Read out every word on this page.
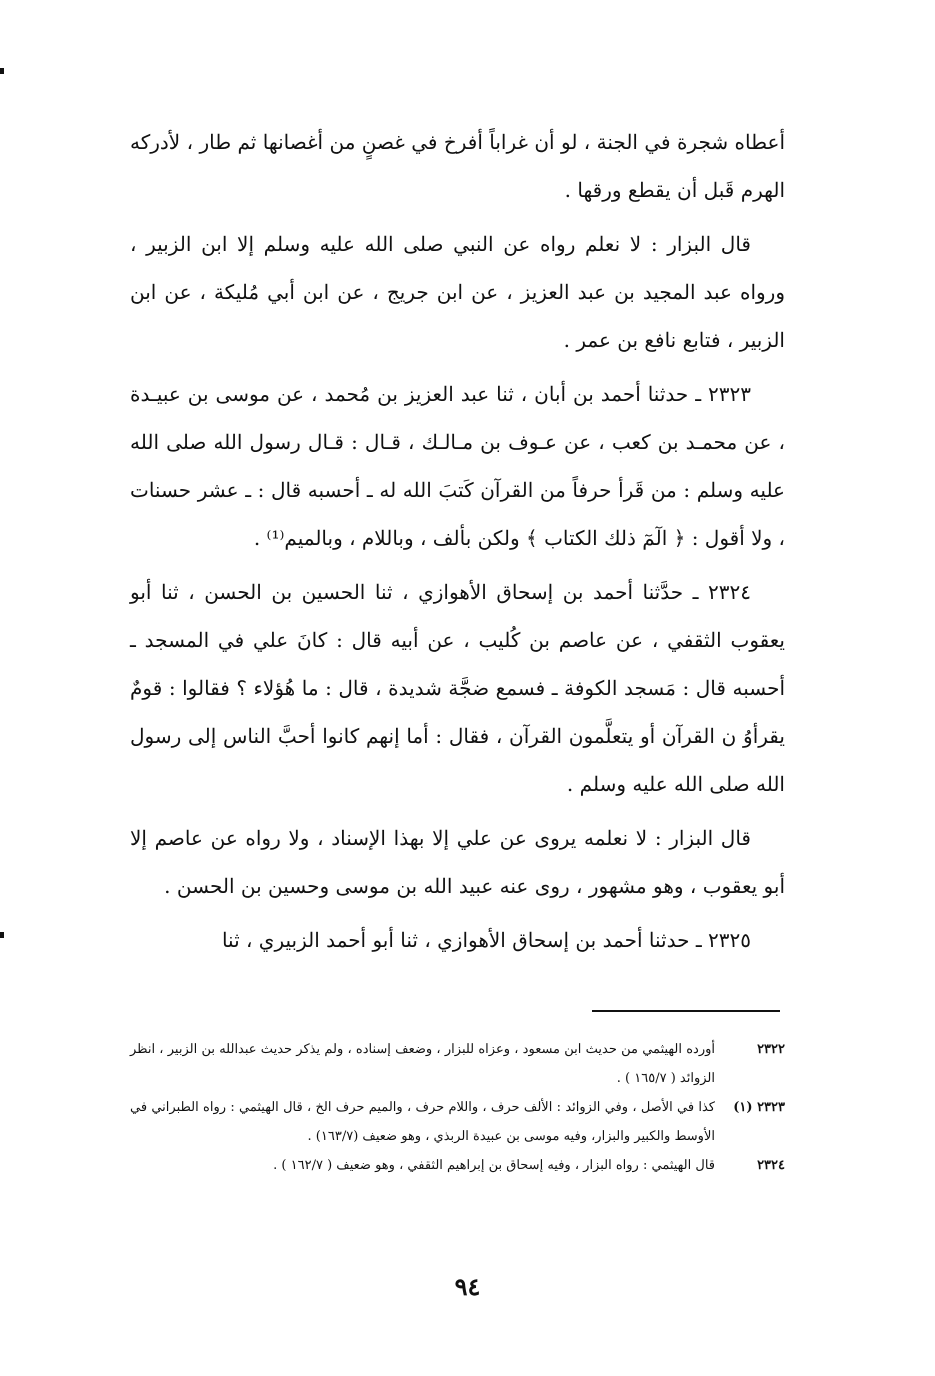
أعطاه شجرة في الجنة ، لو أن غراباً أفرخ في غصنٍ من أغصانها ثم طار ، لأدركه الهرم قَبل أن يقطع ورقها .

قال البزار : لا نعلم رواه عن النبي صلى الله عليه وسلم إلا ابن الزبير ، ورواه عبد المجيد بن عبد العزيز ، عن ابن جريج ، عن ابن أبي مُليكة ، عن ابن الزبير ، فتابع نافع بن عمر .

٢٣٢٣ ـ حدثنا أحمد بن أبان ، ثنا عبد العزيز بن مُحمد ، عن موسى بن عبيـدة ، عن محمـد بن كعب ، عن عـوف بن مـالـك ، قـال : قـال رسول الله صلى الله عليه وسلم : من قَرأ حرفاً من القرآن كَتبَ الله له ـ أحسبه قال : ـ عشر حسنات ، ولا أقول : ﴿ الٓمٓ ذلك الكتاب ﴾ ولكن بألف ، وباللام ، وبالميم⁽¹⁾ .

٢٣٢٤ ـ حدَّثنا أحمد بن إسحاق الأهوازي ، ثنا الحسين بن الحسن ، ثنا أبو يعقوب الثقفي ، عن عاصم بن كُليب ، عن أبيه قال : كانَ علي في المسجد ـ أحسبه قال : مَسجد الكوفة ـ فسمع ضجَّة شديدة ، قال : ما هُؤلاء ؟ فقالوا : قومٌ يقرأوُ ن القرآن أو يتعلَّمون القرآن ، فقال : أما إنهم كانوا أحبَّ الناس إلى رسول الله صلى الله عليه وسلم .

قال البزار : لا نعلمه يروى عن علي إلا بهذا الإسناد ، ولا رواه عن عاصم إلا أبو يعقوب ، وهو مشهور ، روى عنه عبيد الله بن موسى وحسين بن الحسن .

٢٣٢٥ ـ حدثنا أحمد بن إسحاق الأهوازي ، ثنا أبو أحمد الزبيري ، ثنا

٢٣٢٢
أورده الهيثمي من حديث ابن مسعود ، وعزاه للبزار ، وضعف إسناده ، ولم يذكر حديث عبدالله بن الزبير ، انظر الزوائد ( ١٦٥/٧ ) .
٢٣٢٣ (١)
كذا في الأصل ، وفي الزوائد : الألف حرف ، واللام حرف ، والميم حرف الخ ، قال الهيثمي : رواه الطبراني في الأوسط والكبير والبزار، وفيه موسى بن عبيدة الربذي ، وهو ضعيف (١٦٣/٧) .
٢٣٢٤
قال الهيثمي : رواه البزار ، وفيه إسحاق بن إبراهيم الثقفي ، وهو ضعيف ( ١٦٢/٧ ) .
٩٤
